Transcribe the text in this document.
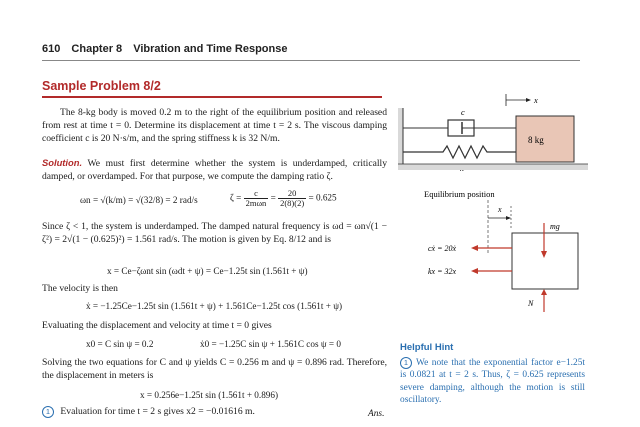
610 Chapter 8 Vibration and Time Response
Sample Problem 8/2
The 8-kg body is moved 0.2 m to the right of the equilibrium position and released from rest at time t = 0. Determine its displacement at time t = 2 s. The viscous damping coefficient c is 20 N·s/m, and the spring stiffness k is 32 N/m.
Solution. We must first determine whether the system is underdamped, critically damped, or overdamped. For that purpose, we compute the damping ratio ζ.
ωn = √(k/m) = √(32/8) = 2 rad/s	$\zeta = \frac{c}{\text{2mωn}} = \frac{20}{2(8)(2)} = 0.625$
Since ζ < 1, the system is underdamped. The damped natural frequency is ωd = ωn√(1 − ζ²) = 2√(1 − (0.625)²) = 1.561 rad/s. The motion is given by Eq. 8/12 and is
x = Ce−ζωnt sin (ωdt + ψ) = Ce−1.25t sin (1.561t + ψ)
The velocity is then
ẋ = −1.25Ce−1.25t sin (1.561t + ψ) + 1.561Ce−1.25t cos (1.561t + ψ)
Evaluating the displacement and velocity at time t = 0 gives
x0 = C sin ψ = 0.2	ẋ0 = −1.25C sin ψ + 1.561C cos ψ = 0
Solving the two equations for C and ψ yields C = 0.256 m and ψ = 0.896 rad. Therefore, the displacement in meters is
x = 0.256e−1.25t sin (1.561t + 0.896)
1 Evaluation for time t = 2 s gives x2 = −0.01616 m.	Ans.
x
c
8 kg
Equilibrium position
x
mg
cẋ = 20ẋ
kx = 32x
N
Helpful Hint
1 We note that the exponential factor e−1.25t is 0.0821 at t = 2 s. Thus, ζ = 0.625 represents severe damping, although the motion is still oscillatory.
